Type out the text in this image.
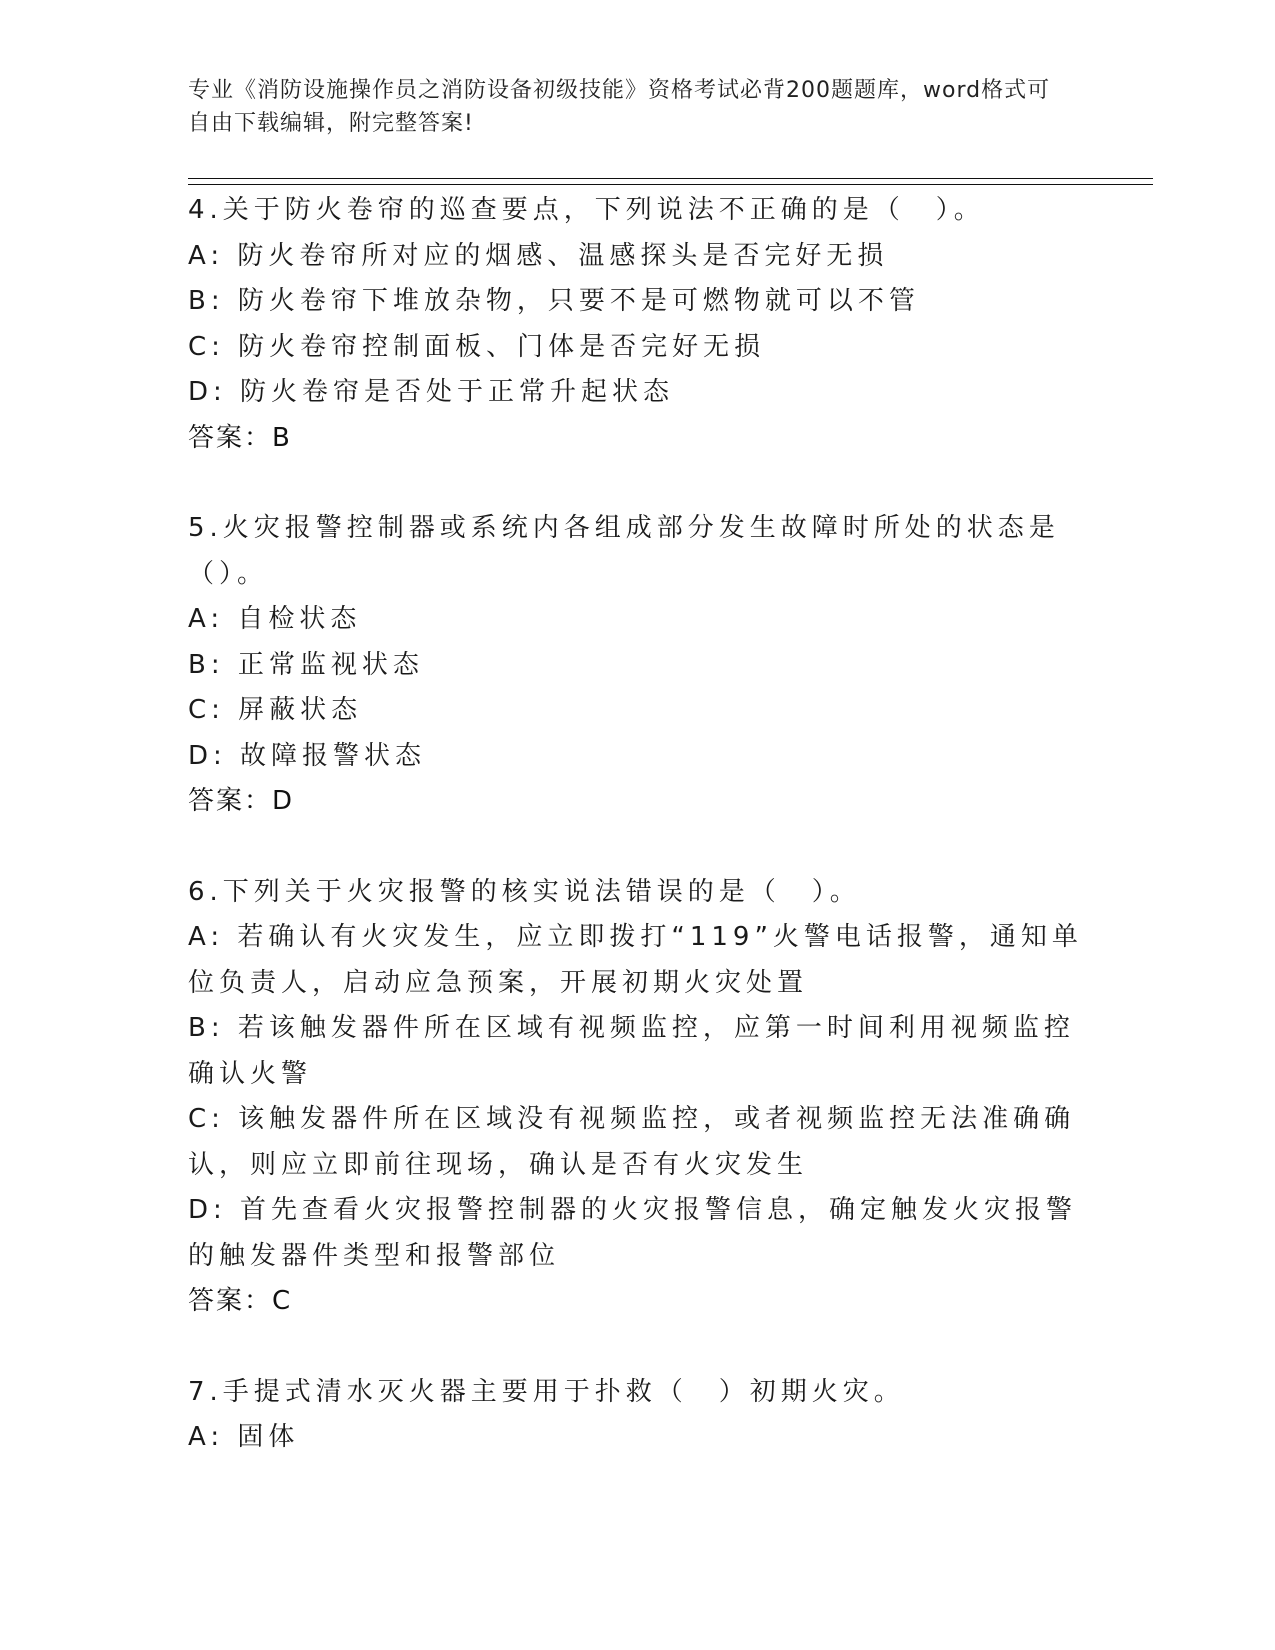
专业《消防设施操作员之消防设备初级技能》资格考试必背200题题库，word格式可自由下载编辑，附完整答案!
4.关于防火卷帘的巡查要点，下列说法不正确的是（　）。
A: 防火卷帘所对应的烟感、温感探头是否完好无损
B: 防火卷帘下堆放杂物，只要不是可燃物就可以不管
C: 防火卷帘控制面板、门体是否完好无损
D: 防火卷帘是否处于正常升起状态
答案：B
5.火灾报警控制器或系统内各组成部分发生故障时所处的状态是（）。
A: 自检状态
B: 正常监视状态
C: 屏蔽状态
D: 故障报警状态
答案：D
6.下列关于火灾报警的核实说法错误的是（　）。
A: 若确认有火灾发生，应立即拨打“119”火警电话报警，通知单位负责人，启动应急预案，开展初期火灾处置
B: 若该触发器件所在区域有视频监控，应第一时间利用视频监控确认火警
C: 该触发器件所在区域没有视频监控，或者视频监控无法准确确认，则应立即前往现场，确认是否有火灾发生
D: 首先查看火灾报警控制器的火灾报警信息，确定触发火灾报警的触发器件类型和报警部位
答案：C
7.手提式清水灭火器主要用于扑救（　）初期火灾。
A: 固体
